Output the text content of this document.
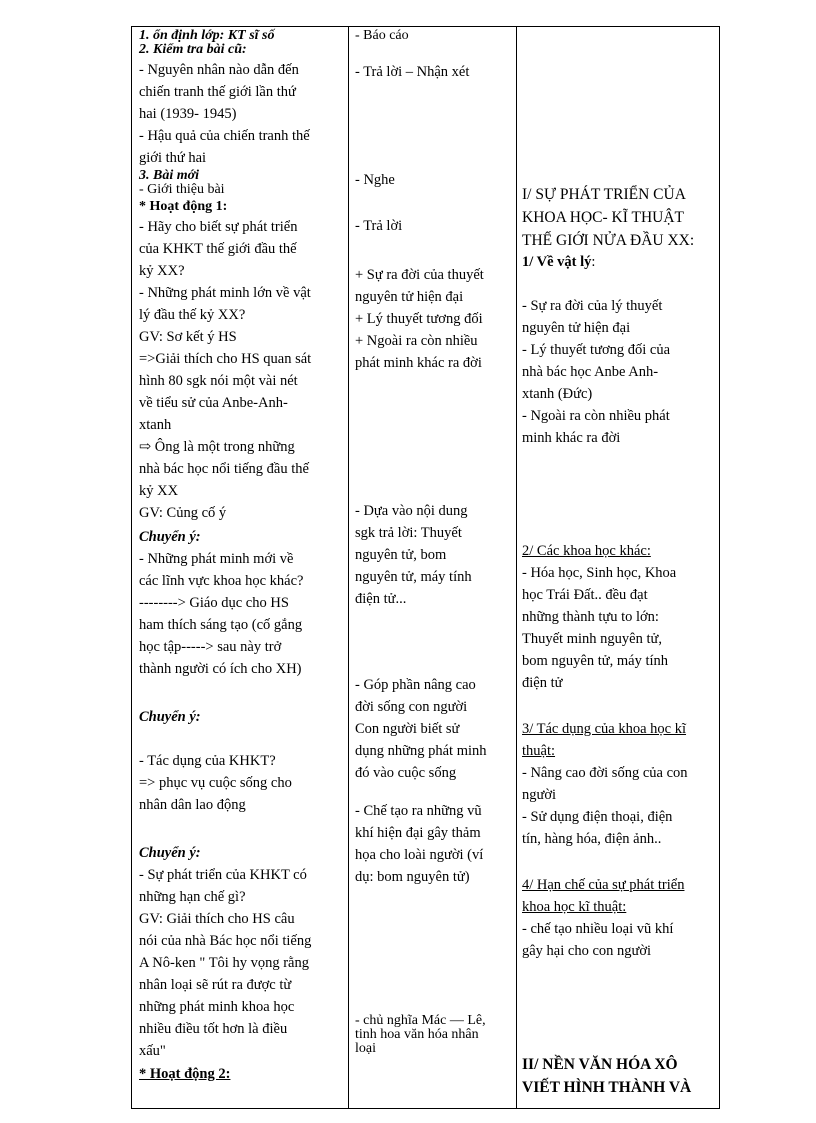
1. ổn định lớp: KT sĩ số
2. Kiểm tra bài cũ:
- Nguyên nhân nào dẫn đến
chiến tranh thế giới lần thứ
hai (1939- 1945)
- Hậu quả của chiến tranh thế
giới thứ hai
3. Bài mới
- Giới thiệu bài
* Hoạt động 1:
- Hãy cho biết sự phát triển
của KHKT thế giới đầu thế
kỷ XX?
- Những phát minh lớn về vật
lý đầu thế kỷ XX?
GV: Sơ kết ý HS
=>Giải thích cho HS quan sát
hình 80 sgk nói một vài nét
về tiểu sử của Anbe-Anh-
xtanh
⇨ Ông là một trong những
nhà bác học nổi tiếng đầu thế
kỷ XX
GV: Củng cố ý
Chuyển ý:
- Những phát minh mới về
các lĩnh vực khoa học khác?
--------> Giáo dục cho HS
ham thích sáng tạo (cố gắng
học tập-----> sau này trở
thành người có ích cho XH)
Chuyển ý:
- Tác dụng của KHKT?
=> phục vụ cuộc sống cho
nhân dân lao động
Chuyển ý:
- Sự phát triển của KHKT có
những hạn chế gì?
GV: Giải thích cho HS câu
nói của nhà Bác học nổi tiếng
A Nô-ken " Tôi hy vọng rằng
nhân loại sẽ rút ra được từ
những phát minh khoa học
nhiều điều tốt hơn là điều
xấu"
* Hoạt động 2:
- Báo cáo
- Trả lời – Nhận xét
- Nghe
- Trả lời
+ Sự ra đời của thuyết
nguyên tử hiện đại
+ Lý thuyết tương đối
+ Ngoài ra còn nhiều
phát minh khác ra đời
- Dựa vào nội dung
sgk trả lời: Thuyết
nguyên tử, bom
nguyên tử, máy tính
điện tử...
- Góp phần nâng cao
đời sống con người
Con người biết sử
dụng những phát minh
đó vào cuộc sống
- Chế tạo ra những vũ
khí hiện đại gây thảm
họa cho loài người (ví
dụ: bom nguyên tử)
- chủ nghĩa Mác — Lê,
tinh hoa văn hóa nhân
loại
I/ SỰ PHÁT TRIỂN CỦA
KHOA HỌC- KĨ THUẬT
THẾ GIỚI NỬA ĐẦU XX:
1/ Về vật lý:
- Sự ra đời của lý thuyết
nguyên tử hiện đại
- Lý thuyết tương đối của
nhà bác học Anbe Anh-
xtanh (Đức)
- Ngoài ra còn nhiều phát
minh khác ra đời
2/ Các khoa học khác:
- Hóa học, Sinh học, Khoa
học Trái Đất.. đều đạt
những thành tựu to lớn:
Thuyết minh nguyên tử,
bom nguyên tử, máy tính
điện tử
3/ Tác dụng của khoa học kĩ
thuật:
- Nâng cao đời sống của con
người
- Sử dụng điện thoại, điện
tín, hàng hóa, điện ảnh..
4/ Hạn chế của sự phát triển
khoa học kĩ thuật:
- chế tạo nhiều loại vũ khí
gây hại cho con người
II/ NỀN VĂN HÓA XÔ
VIẾT HÌNH THÀNH VÀ
